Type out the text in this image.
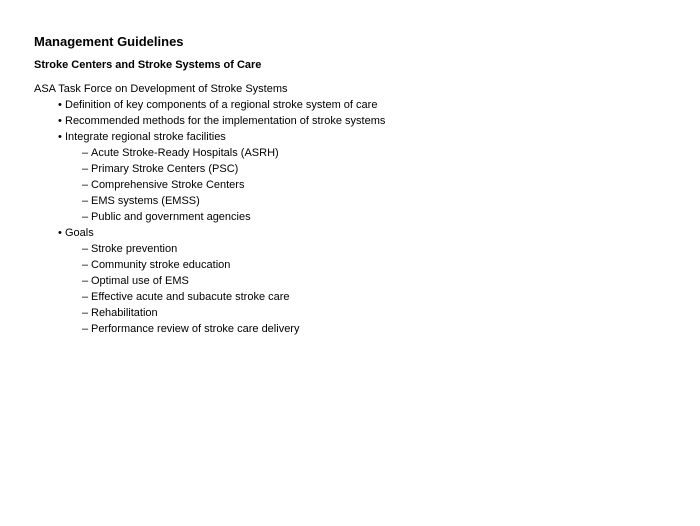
Management Guidelines
Stroke Centers and Stroke Systems of Care
ASA Task Force on Development of Stroke Systems
• Definition of key components of a regional stroke system of care
• Recommended methods for the implementation of stroke systems
• Integrate regional stroke facilities
– Acute Stroke-Ready Hospitals (ASRH)
– Primary Stroke Centers (PSC)
– Comprehensive Stroke Centers
– EMS systems (EMSS)
– Public and government agencies
• Goals
– Stroke prevention
– Community stroke education
– Optimal use of EMS
– Effective acute and subacute stroke care
– Rehabilitation
– Performance review of stroke care delivery
